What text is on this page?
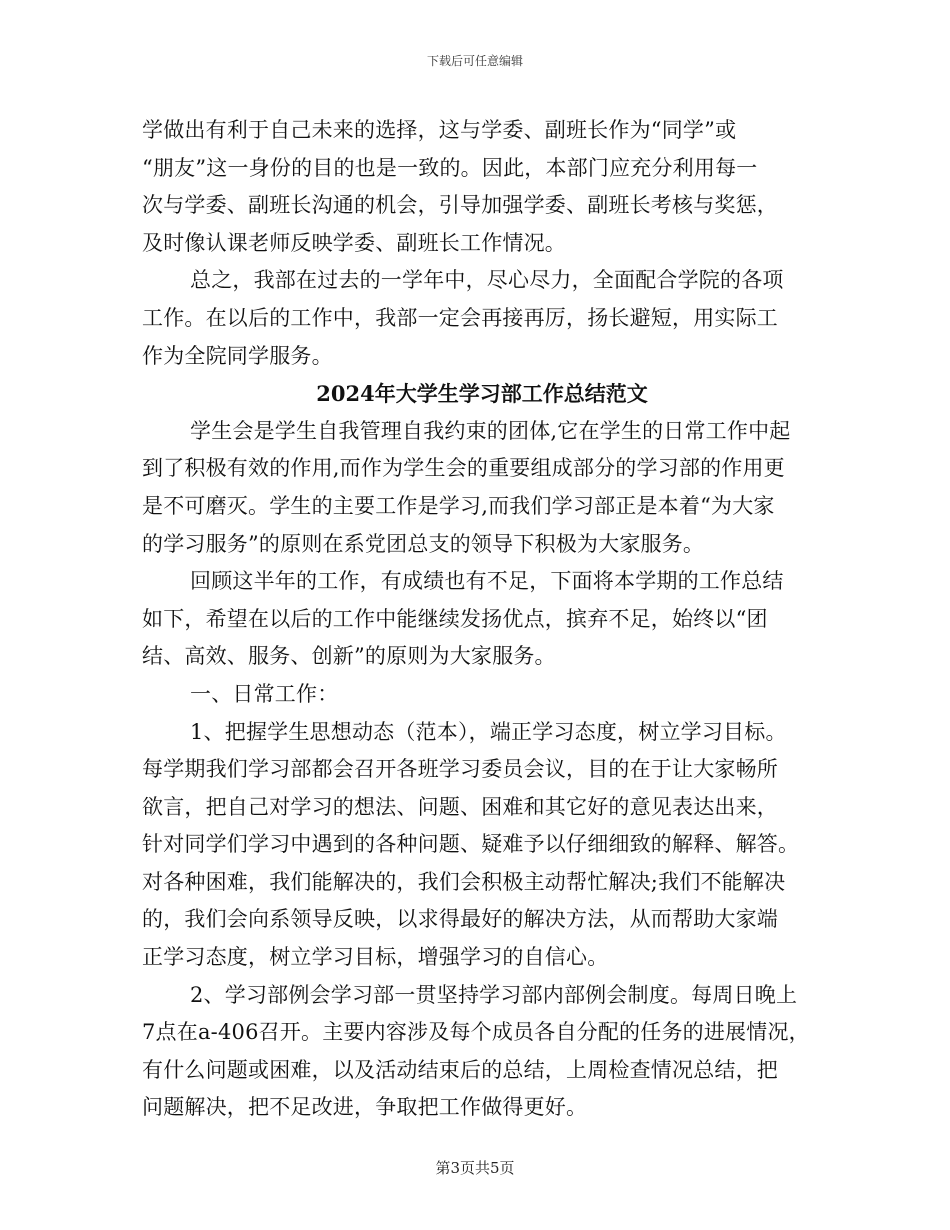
下载后可任意编辑
学做出有利于自己未来的选择，这与学委、副班长作为“同学”或
“朋友”这一身份的目的也是一致的。因此，本部门应充分利用每一
次与学委、副班长沟通的机会，引导加强学委、副班长考核与奖惩，
及时像认课老师反映学委、副班长工作情况。
总之，我部在过去的一学年中，尽心尽力，全面配合学院的各项
工作。在以后的工作中，我部一定会再接再厉，扬长避短，用实际工
作为全院同学服务。
2024年大学生学习部工作总结范文
学生会是学生自我管理自我约束的团体,它在学生的日常工作中起
到了积极有效的作用,而作为学生会的重要组成部分的学习部的作用更
是不可磨灭。学生的主要工作是学习,而我们学习部正是本着“为大家
的学习服务”的原则在系党团总支的领导下积极为大家服务。
回顾这半年的工作，有成绩也有不足，下面将本学期的工作总结
如下，希望在以后的工作中能继续发扬优点，摈弃不足，始终以“团
结、高效、服务、创新”的原则为大家服务。
一、日常工作：
1、把握学生思想动态（范本），端正学习态度，树立学习目标。
每学期我们学习部都会召开各班学习委员会议，目的在于让大家畅所
欲言，把自己对学习的想法、问题、困难和其它好的意见表达出来，
针对同学们学习中遇到的各种问题、疑难予以仔细细致的解释、解答。
对各种困难，我们能解决的，我们会积极主动帮忙解决;我们不能解决
的，我们会向系领导反映，以求得最好的解决方法，从而帮助大家端
正学习态度，树立学习目标，增强学习的自信心。
2、学习部例会学习部一贯坚持学习部内部例会制度。每周日晚上
7点在a-406召开。主要内容涉及每个成员各自分配的任务的进展情况，
有什么问题或困难，以及活动结束后的总结，上周检查情况总结，把
问题解决，把不足改进，争取把工作做得更好。
第3页共5页
